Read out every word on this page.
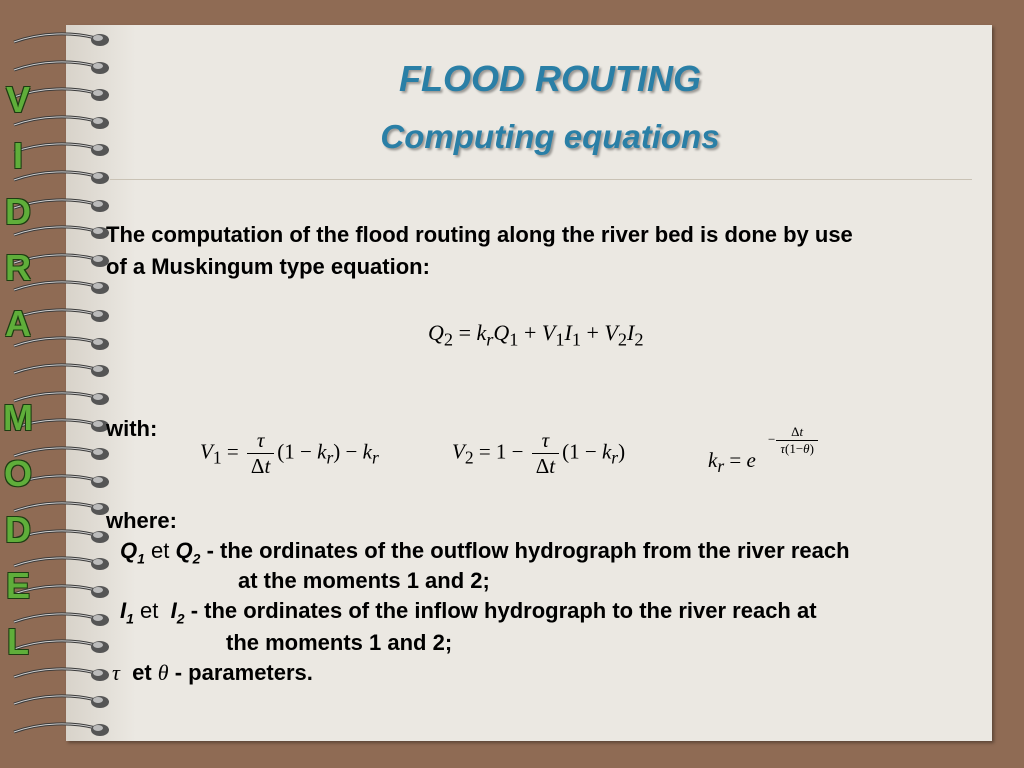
V
I
D
R
A
M
O
D
E
L
FLOOD ROUTING
Computing equations
The computation of the flood routing along the river bed is done by use
of a Muskingum type equation:
$Q_2 = k_rQ_1 + V_1I_1 + V_2I_2$
with:
$V_1 = \frac{\tau}{\Delta t} (1 - k_r) - k_r$	$V_2 = 1 - \frac{\tau}{\Delta t} (1 - k_r)$	$k_r = e$
− $\frac{\Delta t}{\tau(1-\theta)}$
where:
$Q_1$ et $Q_2$ - the ordinates of the outflow hydrograph from the river reach
at the moments 1 and 2;
$I_1$ et $I_2$ - the ordinates of the inflow hydrograph to the river reach at
the moments 1 and 2;
τ  et θ - parameters.
